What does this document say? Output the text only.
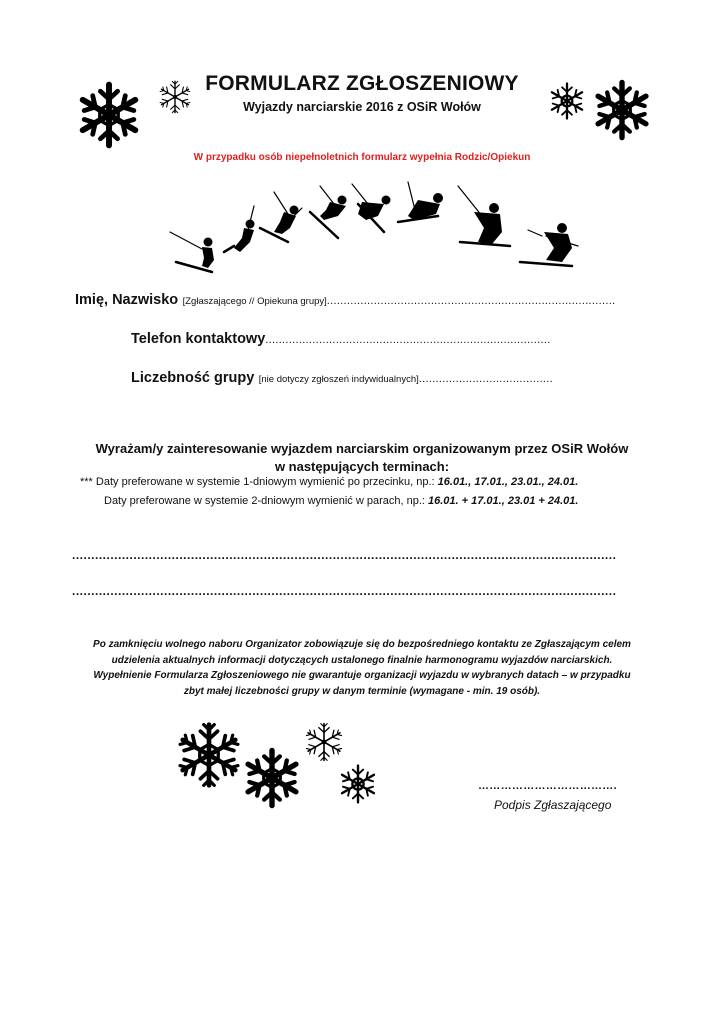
FORMULARZ ZGŁOSZENIOWY
Wyjazdy narciarskie 2016 z OSiR Wołów
W przypadku osób niepełnoletnich formularz wypełnia Rodzic/Opiekun
Imię, Nazwisko [Zgłaszającego // Opiekuna grupy]......................................................................................
Telefon kontaktowy.....................................................................................
Liczebność grupy [nie dotyczy zgłoszeń indywidualnych]........................................
Wyrażam/y zainteresowanie wyjazdem narciarskim organizowanym przez OSiR Wołów
w następujących terminach:
*** Daty preferowane w systemie 1-dniowym wymienić po przecinku, np.: 16.01., 17.01., 23.01., 24.01.
Daty preferowane w systemie 2-dniowym wymienić w parach, np.: 16.01. + 17.01., 23.01 + 24.01.
..............................................................................................................................................
..............................................................................................................................................
Po zamknięciu wolnego naboru Organizator zobowiązuje się do bezpośredniego kontaktu ze Zgłaszającym celem
udzielenia aktualnych informacji dotyczących ustalonego finalnie harmonogramu wyjazdów narciarskich.
Wypełnienie Formularza Zgłoszeniowego nie gwarantuje organizacji wyjazdu w wybranych datach – w przypadku
zbyt małej liczebności grupy w danym terminie (wymagane - min. 19 osób).
……………………………….
Podpis Zgłaszającego
